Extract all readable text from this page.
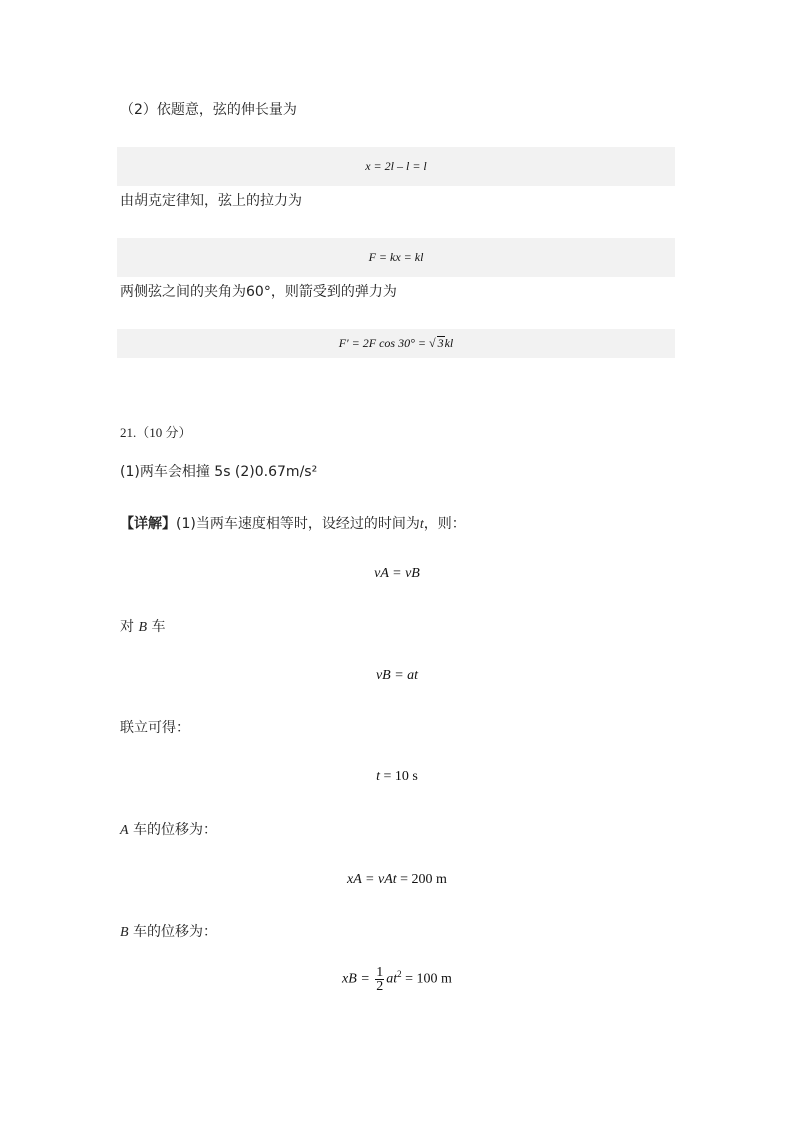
（2）依题意，弦的伸长量为
x = 2l – l = l
由胡克定律知，弦上的拉力为
F = kx = kl
两侧弦之间的夹角为60°，则箭受到的弹力为
F′ = 2F cos 30° = √ 3kl
21.（10 分）
(1)两车会相撞 5s (2)0.67m/s²
【详解】(1)当两车速度相等时，设经过的时间为t，则：
vA = vB
对 B 车
vB = at
联立可得：
t = 10 s
A 车的位移为：
xA = vAt = 200 m
B 车的位移为：
xB = $\frac{1}{2} at^2 = 100$ m
